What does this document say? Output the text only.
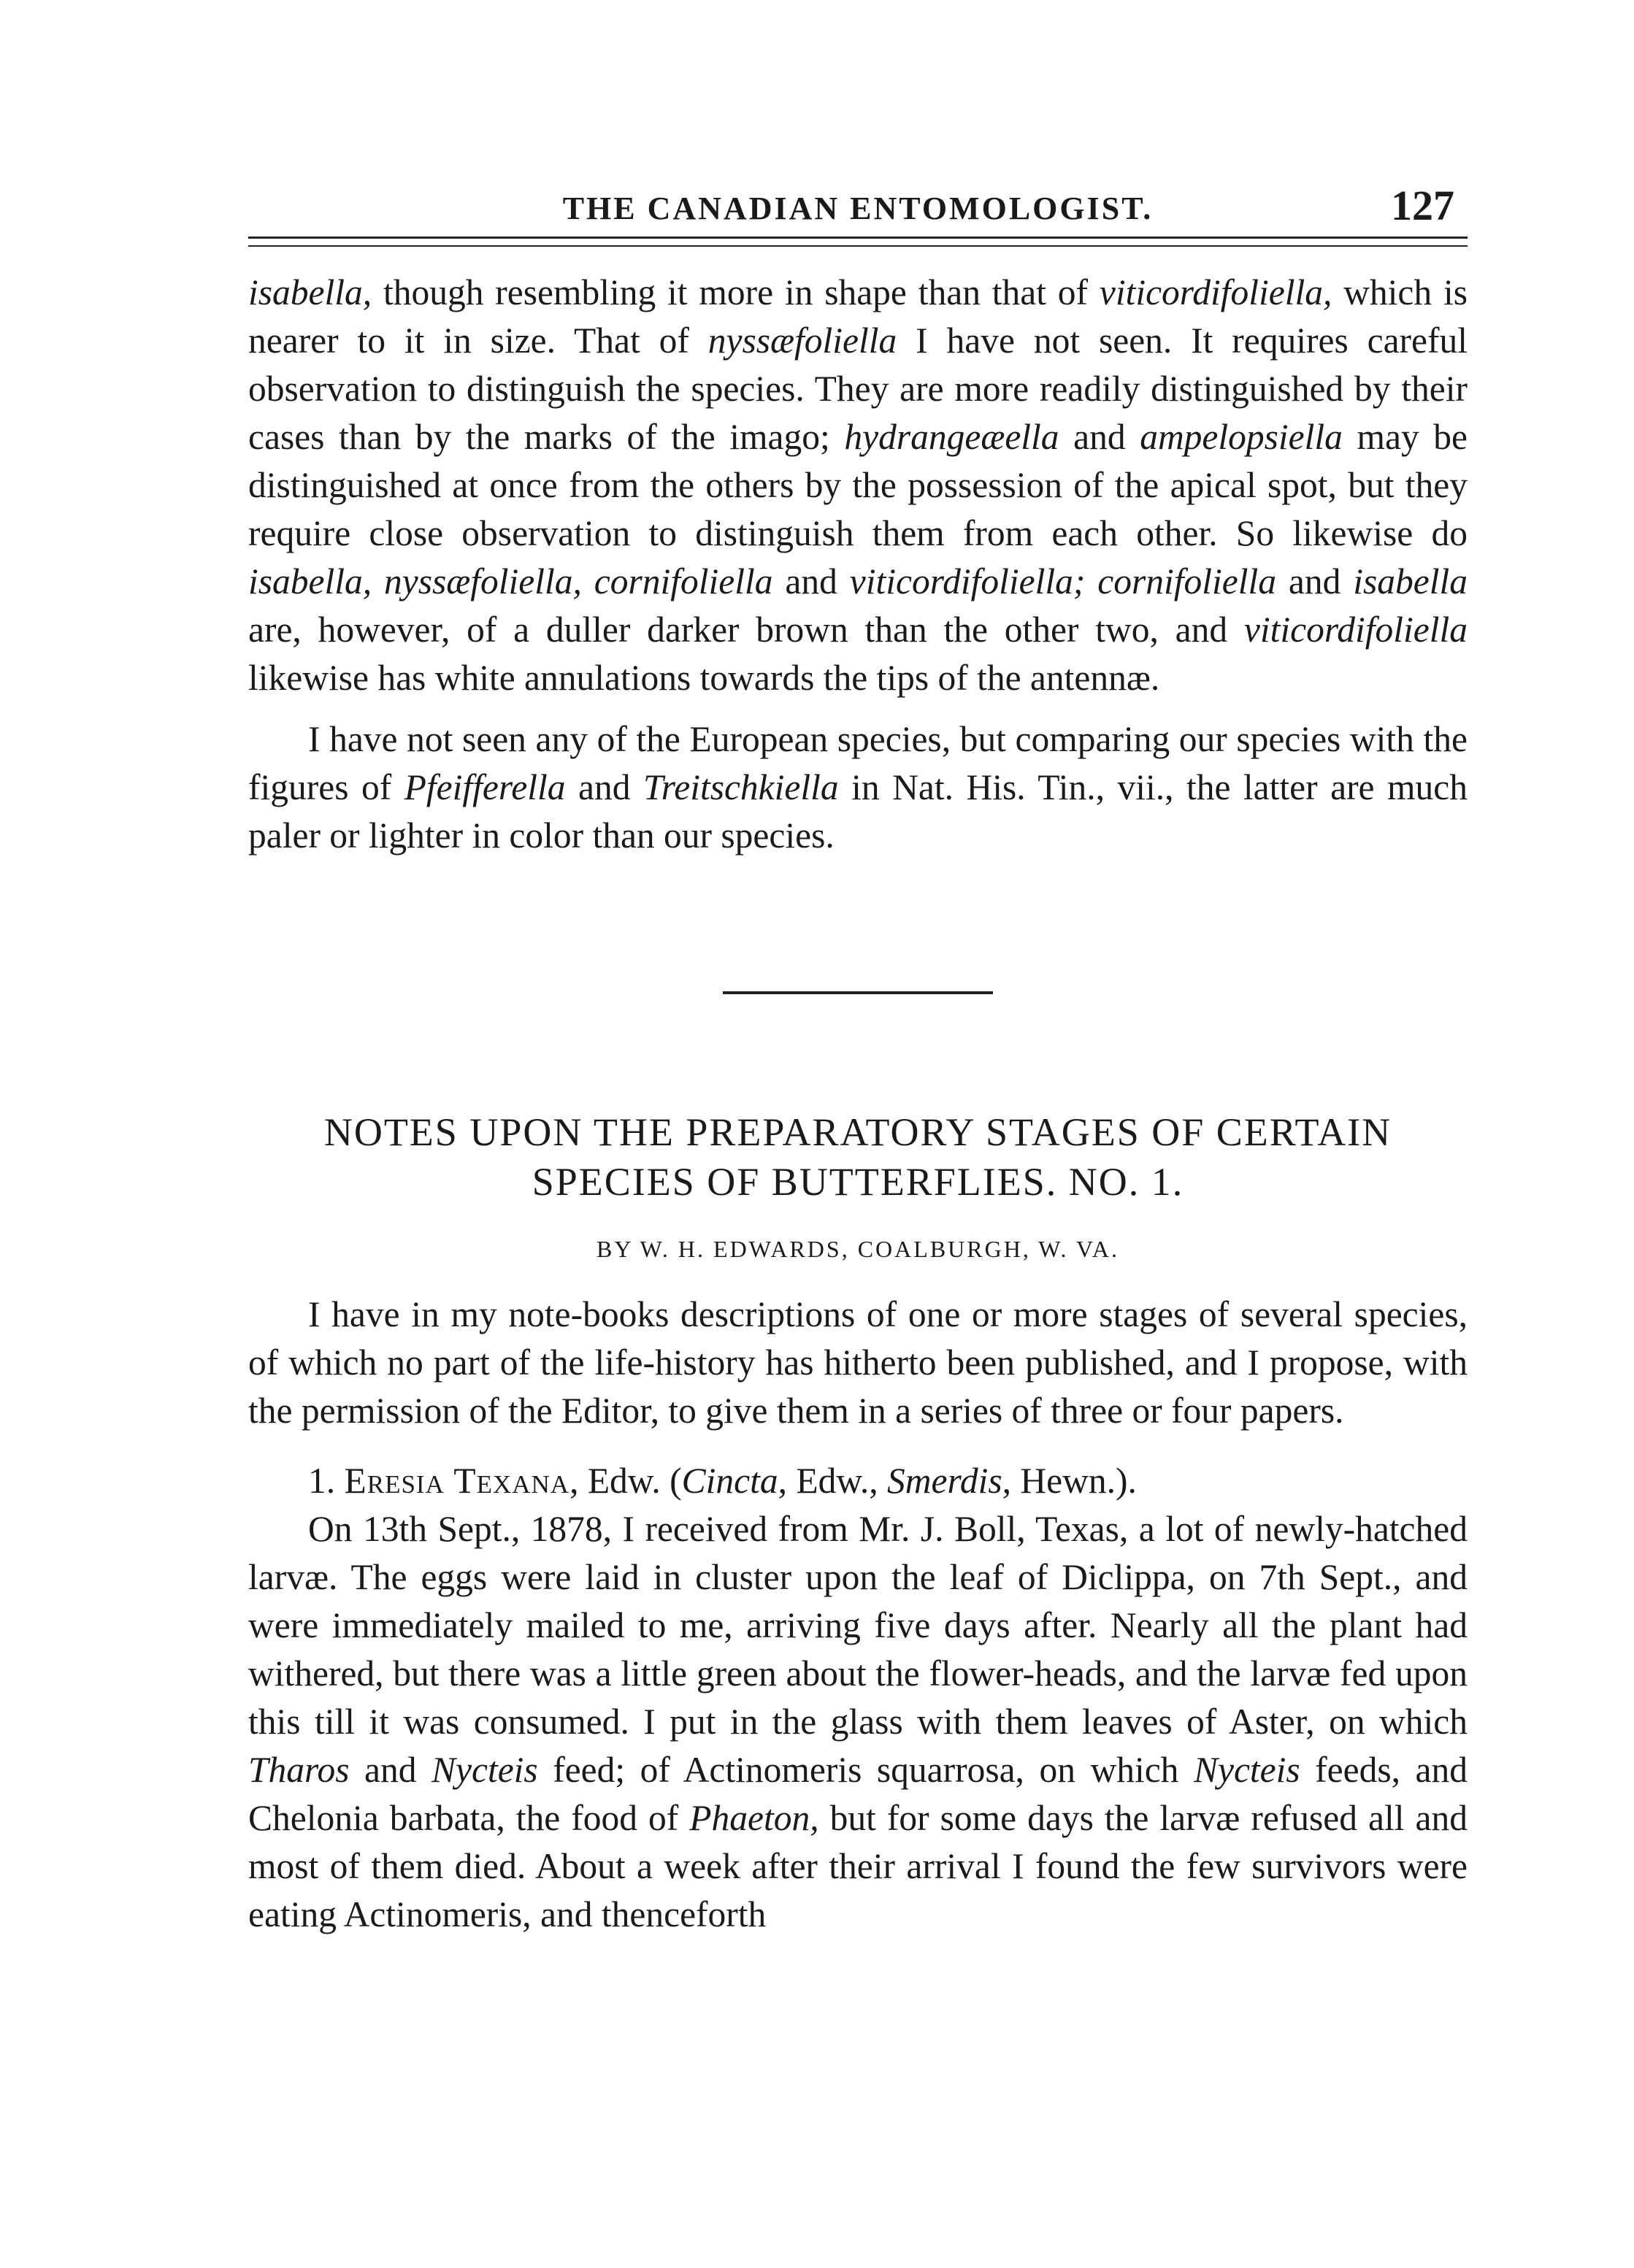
THE CANADIAN ENTOMOLOGIST.	127

isabella, though resembling it more in shape than that of viticordifoliella, which is nearer to it in size. That of nyssæfoliella I have not seen. It requires careful observation to distinguish the species. They are more readily distinguished by their cases than by the marks of the imago; hydrangeæella and ampelopsiella may be distinguished at once from the others by the possession of the apical spot, but they require close observation to distinguish them from each other. So likewise do isabella, nyssæfoliella, cornifoliella and viticordifoliella; cornifoliella and isabella are, however, of a duller darker brown than the other two, and viticordifoliella likewise has white annulations towards the tips of the antennæ.

I have not seen any of the European species, but comparing our species with the figures of Pfeifferella and Treitschkiella in Nat. His. Tin., vii., the latter are much paler or lighter in color than our species.

NOTES UPON THE PREPARATORY STAGES OF CERTAIN
SPECIES OF BUTTERFLIES. NO. 1.
BY W. H. EDWARDS, COALBURGH, W. VA.

I have in my note-books descriptions of one or more stages of several species, of which no part of the life-history has hitherto been published, and I propose, with the permission of the Editor, to give them in a series of three or four papers.

1. Eresia Texana, Edw. (Cincta, Edw., Smerdis, Hewn.).

On 13th Sept., 1878, I received from Mr. J. Boll, Texas, a lot of newly-hatched larvæ. The eggs were laid in cluster upon the leaf of Diclippa, on 7th Sept., and were immediately mailed to me, arriving five days after. Nearly all the plant had withered, but there was a little green about the flower-heads, and the larvæ fed upon this till it was consumed. I put in the glass with them leaves of Aster, on which Tharos and Nycteis feed; of Actinomeris squarrosa, on which Nycteis feeds, and Chelonia barbata, the food of Phaeton, but for some days the larvæ refused all and most of them died. About a week after their arrival I found the few survivors were eating Actinomeris, and thenceforth
